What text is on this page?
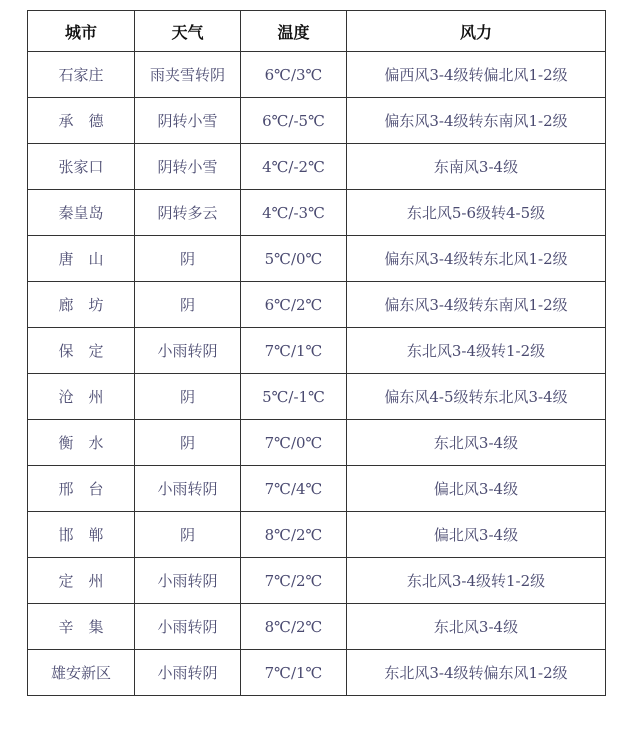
城市	天气	温度	风力
石家庄	雨夹雪转阴	6℃/3℃	偏西风3-4级转偏北风1-2级
承　德	阴转小雪	6℃/-5℃	偏东风3-4级转东南风1-2级
张家口	阴转小雪	4℃/-2℃	东南风3-4级
秦皇岛	阴转多云	4℃/-3℃	东北风5-6级转4-5级
唐　山	阴	5℃/0℃	偏东风3-4级转东北风1-2级
廊　坊	阴	6℃/2℃	偏东风3-4级转东南风1-2级
保　定	小雨转阴	7℃/1℃	东北风3-4级转1-2级
沧　州	阴	5℃/-1℃	偏东风4-5级转东北风3-4级
衡　水	阴	7℃/0℃	东北风3-4级
邢　台	小雨转阴	7℃/4℃	偏北风3-4级
邯　郸	阴	8℃/2℃	偏北风3-4级
定　州	小雨转阴	7℃/2℃	东北风3-4级转1-2级
辛　集	小雨转阴	8℃/2℃	东北风3-4级
雄安新区	小雨转阴	7℃/1℃	东北风3-4级转偏东风1-2级
